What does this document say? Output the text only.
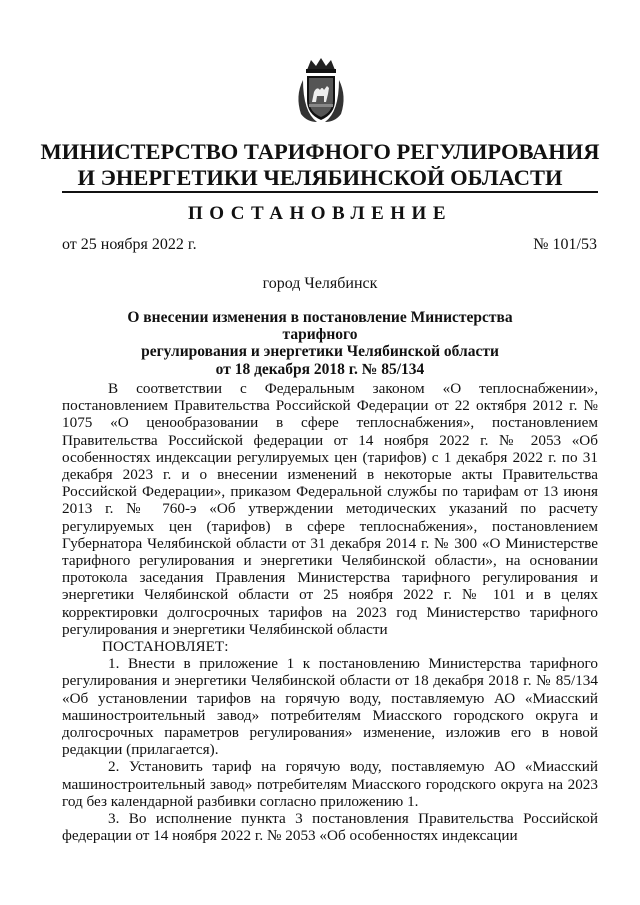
МИНИСТЕРСТВО ТАРИФНОГО РЕГУЛИРОВАНИЯ
И ЭНЕРГЕТИКИ ЧЕЛЯБИНСКОЙ ОБЛАСТИ
ПОСТАНОВЛЕНИЕ
от 25 ноября 2022 г.	№ 101/53
город Челябинск
О внесении изменения в постановление Министерства тарифного
регулирования и энергетики Челябинской области
от 18 декабря 2018 г. № 85/134

В соответствии с Федеральным законом «О теплоснабжении», постановлением Правительства Российской Федерации от 22 октября 2012 г. № 1075 «О ценообразовании в сфере теплоснабжения», постановлением Правительства Российской федерации от 14 ноября 2022 г. № 2053 «Об особенностях индексации регулируемых цен (тарифов) с 1 декабря 2022 г. по 31 декабря 2023 г. и о внесении изменений в некоторые акты Правительства Российской Федерации», приказом Федеральной службы по тарифам от 13 июня 2013 г. № 760-э «Об утверждении методических указаний по расчету регулируемых цен (тарифов) в сфере теплоснабжения», постановлением Губернатора Челябинской области от 31 декабря 2014 г. № 300 «О Министерстве тарифного регулирования и энергетики Челябинской области», на основании протокола заседания Правления Министерства тарифного регулирования и энергетики Челябинской области от 25 ноября 2022 г. № 101 и в целях корректировки долгосрочных тарифов на 2023 год Министерство тарифного регулирования и энергетики Челябинской области

ПОСТАНОВЛЯЕТ:

1. Внести в приложение 1 к постановлению Министерства тарифного регулирования и энергетики Челябинской области от 18 декабря 2018 г. № 85/134 «Об установлении тарифов на горячую воду, поставляемую АО «Миасский машиностроительный завод» потребителям Миасского городского округа и долгосрочных параметров регулирования» изменение, изложив его в новой редакции (прилагается).

2. Установить тариф на горячую воду, поставляемую АО «Миасский машиностроительный завод» потребителям Миасского городского округа на 2023 год без календарной разбивки согласно приложению 1.

3. Во исполнение пункта 3 постановления Правительства Российской федерации от 14 ноября 2022 г. № 2053 «Об особенностях индексации
